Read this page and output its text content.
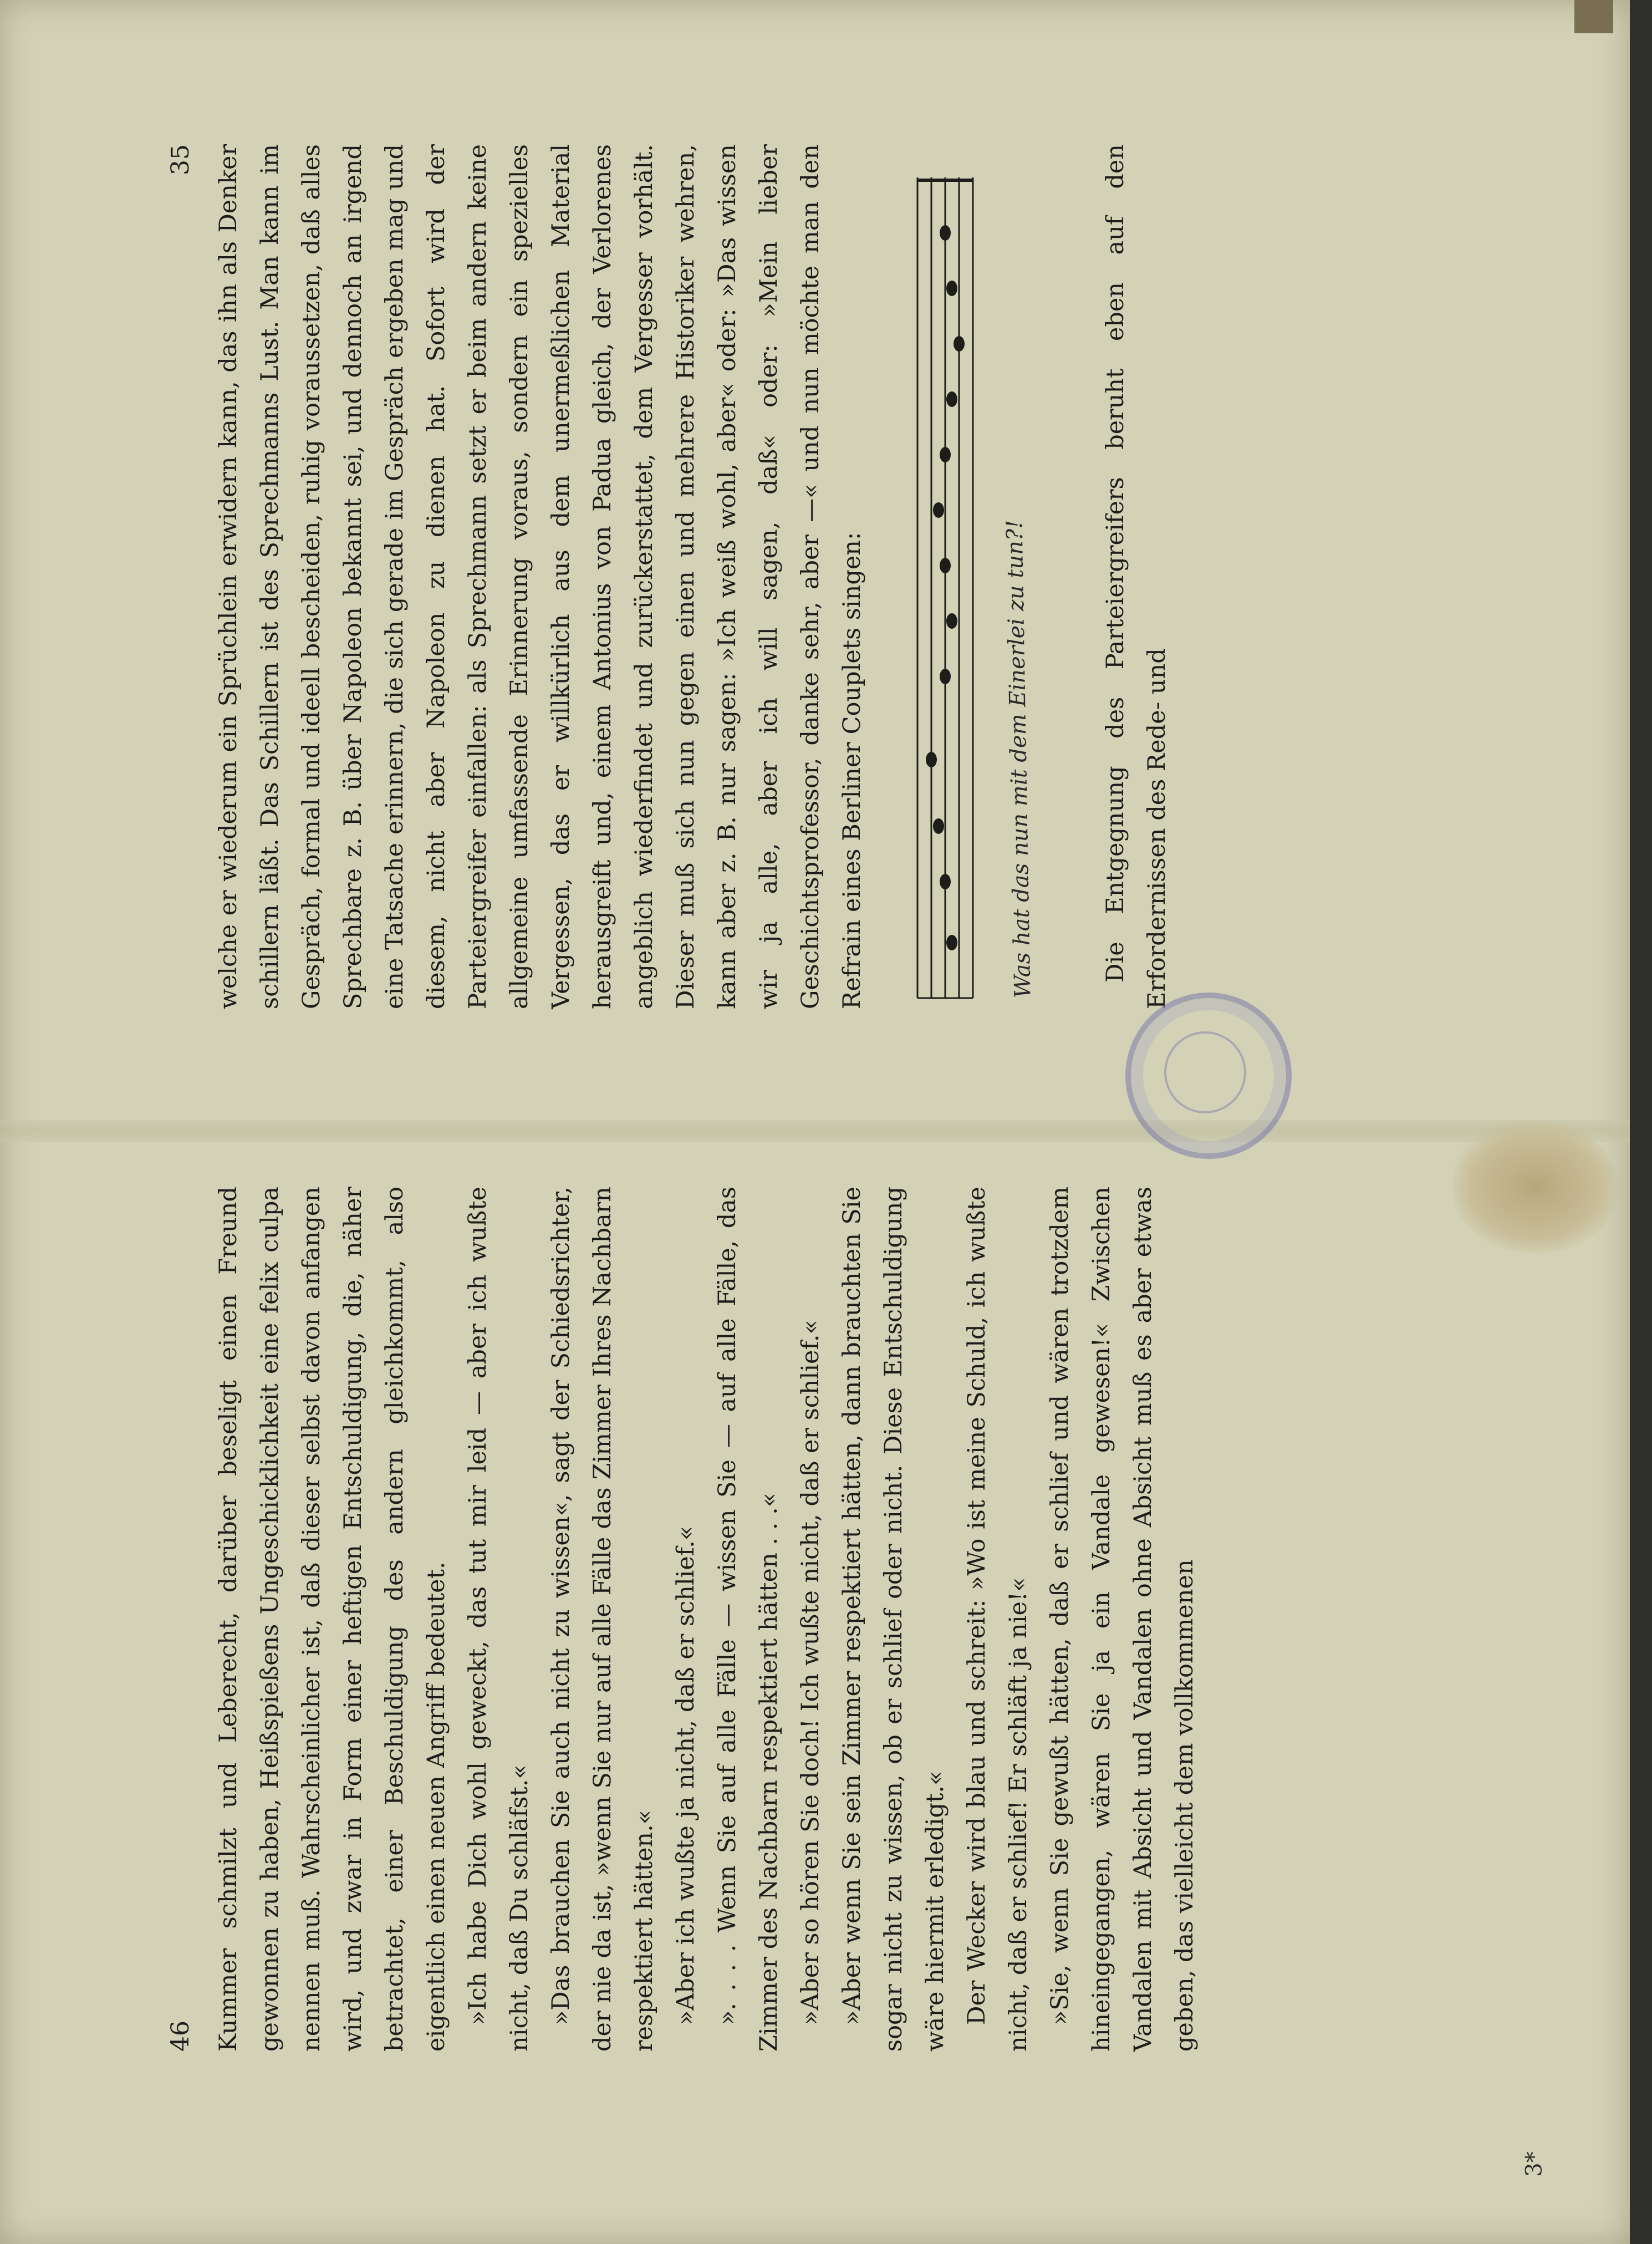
46 Kummer schmilzt und Leberecht, darüber beseligt einen Freund gewonnen zu haben, Heißspießens Ungeschicklichkeit eine felix culpa nennen muß. Wahrscheinlicher ist, daß dieser selbst davon anfangen wird, und zwar in Form einer heftigen Entschuldigung, die, näher betrachtet, einer Beschuldigung des andern gleichkommt, also eigentlich einen neuen Angriff bedeutet. »Ich habe Dich wohl geweckt, das tut mir leid — aber ich wußte nicht, daß Du schläfst.« »Das brauchen Sie auch nicht zu wissen«, sagt der Schiedsrichter, der nie da ist, »wenn Sie nur auf alle Fälle das Zimmer Ihres Nachbarn respektiert hätten.« »Aber ich wußte ja nicht, daß er schlief.« ». . . . Wenn Sie auf alle Fälle — wissen Sie — auf alle Fälle, das Zimmer des Nachbarn respektiert hätten . . .« »Aber so hören Sie doch! Ich wußte nicht, daß er schlief.« »Aber wenn Sie sein Zimmer respektiert hätten, dann brauchten Sie sogar nicht zu wissen, ob er schlief oder nicht. Diese Entschuldigung wäre hiermit erledigt.« Der Wecker wird blau und schreit: »Wo ist meine Schuld, ich wußte nicht, daß er schlief! Er schläft ja nie!« »Sie, wenn Sie gewußt hätten, daß er schlief und wären trotzdem hineingegangen, wären Sie ja ein Vandale gewesen!« Zwischen Vandalen mit Absicht und Vandalen ohne Absicht muß es aber etwas geben, das vielleicht dem vollkommenen

35 welche er wiederum ein Sprüchlein erwidern kann, das ihn als Denker schillern läßt. Das Schillern ist des Sprechmanns Lust. Man kann im Gespräch, formal und ideell bescheiden, ruhig voraussetzen, daß alles Sprechbare z. B. über Napoleon bekannt sei, und dennoch an irgend eine Tatsache erinnern, die sich gerade im Gespräch ergeben mag und diesem, nicht aber Napoleon zu dienen hat. Sofort wird der Parteiergreifer einfallen: als Sprechmann setzt er beim andern keine allgemeine umfassende Erinnerung voraus, sondern ein spezielles Vergessen, das er willkürlich aus dem unermeßlichen Material herausgreift und, einem Antonius von Padua gleich, der Verlorenes angeblich wiederfindet und zurückerstattet, dem Vergesser vorhält. Dieser muß sich nun gegen einen und mehrere Historiker wehren, kann aber z. B. nur sagen: »Ich weiß wohl, aber« oder: »Das wissen wir ja alle, aber ich will sagen, daß« oder: »Mein lieber Geschichtsprofessor, danke sehr, aber —« und nun möchte man den Refrain eines Berliner Couplets singen:	Was hat das nun mit dem Einerlei zu tun?!	Die Entgegnung des Parteiergreifers beruht eben auf den Erfordernissen des Rede- und

3*
